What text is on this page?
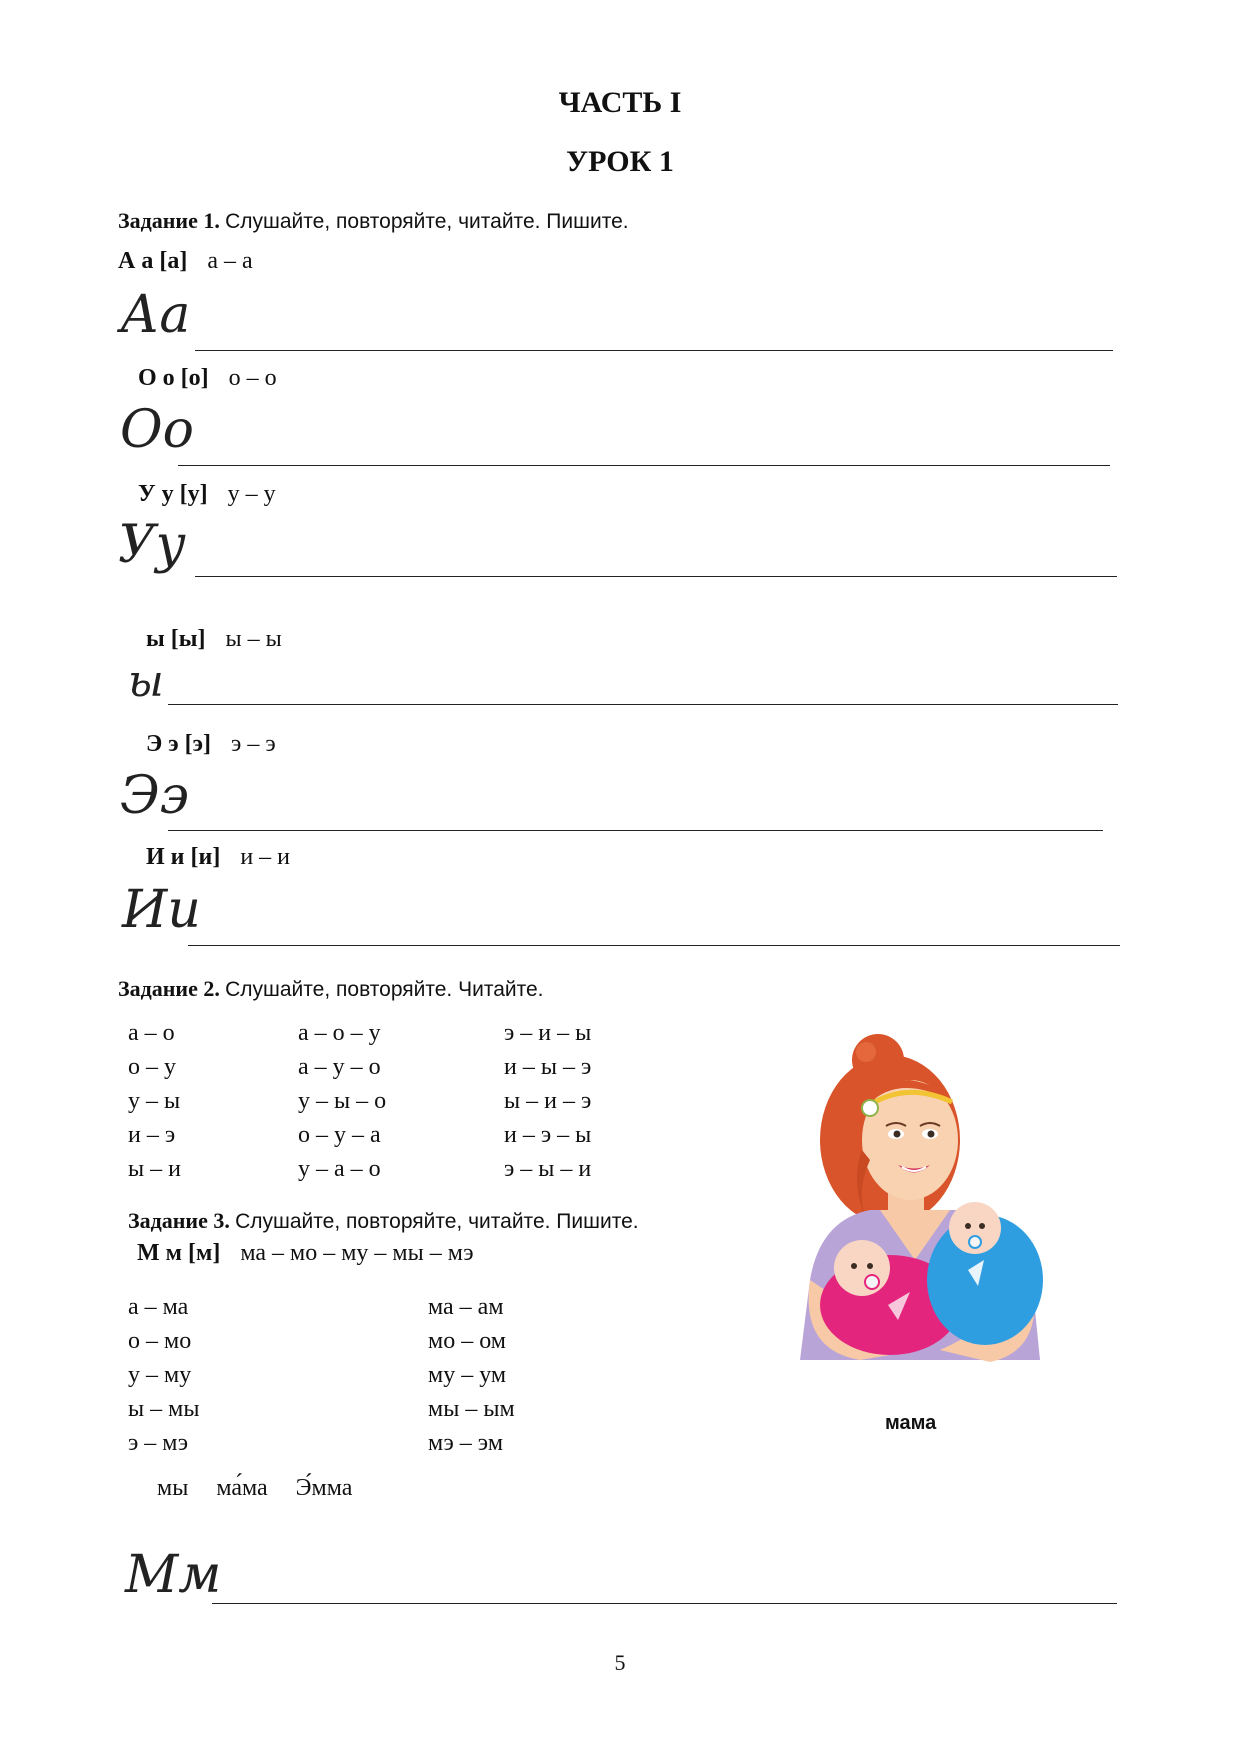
ЧАСТЬ I
УРОК 1
Задание 1. Слушайте, повторяйте, читайте. Пишите.
А а [а] а – а
Аа
О о [о] о – о
Оо
У у [у] у – у
Уу
ы [ы] ы – ы
ы
Э э [э] э – э
Ээ
И и [и] и – и
Ии
Задание 2. Слушайте, повторяйте. Читайте.
а – о
о – у
у – ы
и – э
ы – и
а – о – у
а – у – о
у – ы – о
о – у – а
у – а – о
э – и – ы
и – ы – э
ы – и – э
и – э – ы
э – ы – и
мама
Задание 3. Слушайте, повторяйте, читайте. Пишите.
М м [м] ма – мо – му – мы – мэ
а – ма
о – мо
у – му
ы – мы
э – мэ
ма – ам
мо – ом
му – ум
мы – ым
мэ – эм
мы ма́ма Э́мма
Мм
5
